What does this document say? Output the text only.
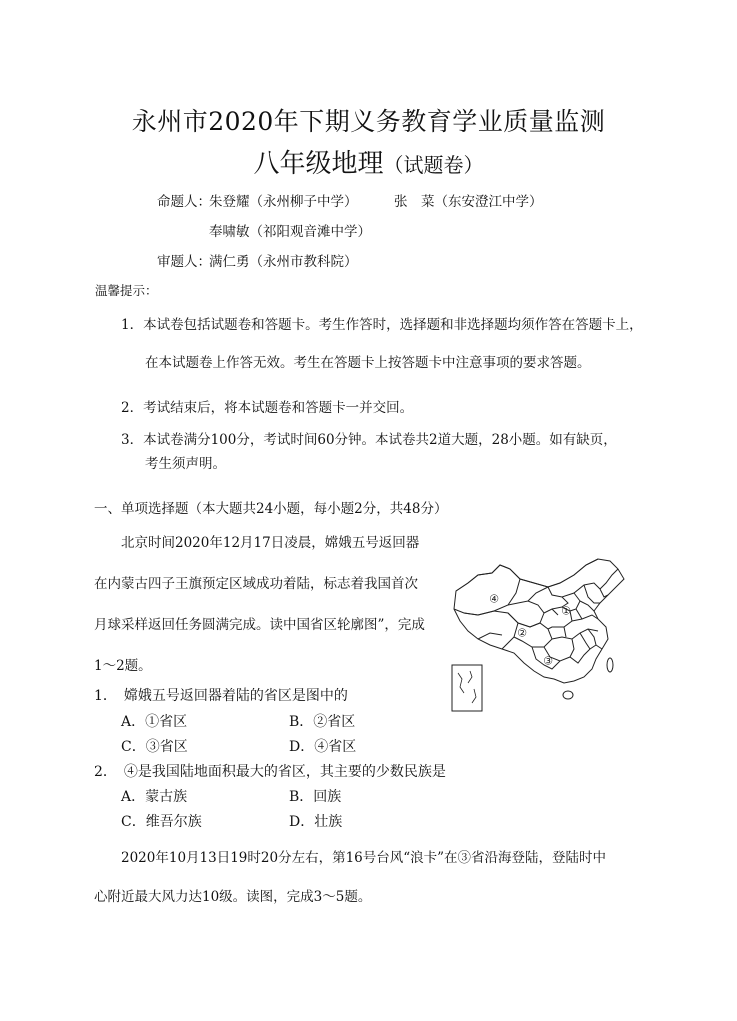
永州市2020年下期义务教育学业质量监测
八年级地理（试题卷）
命题人：
朱登耀（永州柳子中学）	张　菜（东安澄江中学）
奉啸敏（祁阳观音滩中学）
审题人：
满仁勇（永州市教科院）
温馨提示：
1．本试卷包括试题卷和答题卡。考生作答时，选择题和非选择题均须作答在答题卡上，
在本试题卷上作答无效。考生在答题卡上按答题卡中注意事项的要求答题。
2．考试结束后，将本试题卷和答题卡一并交回。
3．本试卷满分100分，考试时间60分钟。本试卷共2道大题，28小题。如有缺页，
考生须声明。
一、单项选择题（本大题共24小题，每小题2分，共48分）
北京时间2020年12月17日凌晨，嫦娥五号返回器
在内蒙古四子王旗预定区域成功着陆，标志着我国首次
月球采样返回任务圆满完成。读中国省区轮廓图”，完成
1～2题。
1．　嫦娥五号返回器着陆的省区是图中的
A．①省区	B．②省区
C．③省区	D．④省区
2．　④是我国陆地面积最大的省区，其主要的少数民族是
A．蒙古族	B．回族
C．维吾尔族	D．壮族
2020年10月13日19时20分左右，第16号台风“浪卡”在③省沿海登陆，登陆时中
心附近最大风力达10级。读图，完成3～5题。
①
②
③
④
